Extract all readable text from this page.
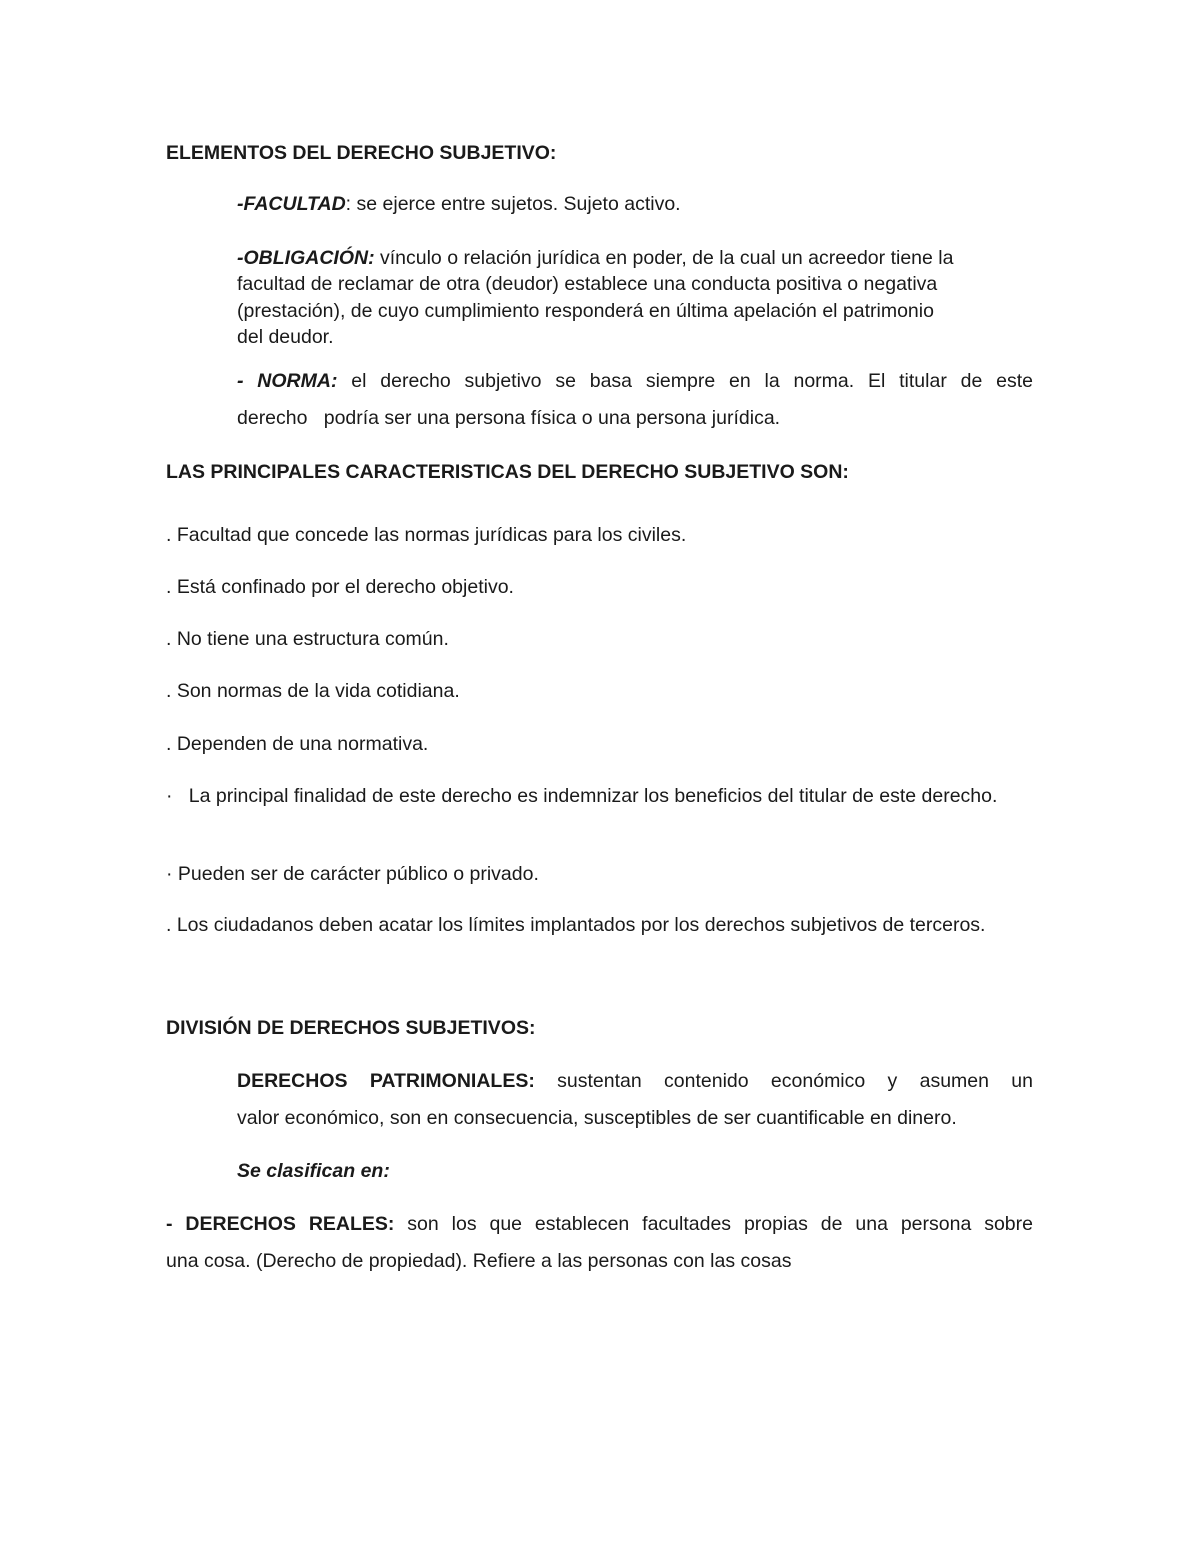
ELEMENTOS DEL DERECHO SUBJETIVO:

-FACULTAD: se ejerce entre sujetos. Sujeto activo.

-OBLIGACIÓN: vínculo o relación jurídica en poder, de la cual un acreedor tiene la

facultad de reclamar de otra (deudor) establece una conducta positiva o negativa

(prestación), de cuyo cumplimiento responderá en última apelación el patrimonio

del deudor.

- NORMA: el derecho subjetivo se basa siempre en la norma. El titular de este

derecho   podría ser una persona física o una persona jurídica.

LAS PRINCIPALES CARACTERISTICAS DEL DERECHO SUBJETIVO SON:

. Facultad que concede las normas jurídicas para los civiles.

. Está confinado por el derecho objetivo.

. No tiene una estructura común.

. Son normas de la vida cotidiana.

. Dependen de una normativa.

·   La principal finalidad de este derecho es indemnizar los beneficios del titular de este derecho.

· Pueden ser de carácter público o privado.

. Los ciudadanos deben acatar los límites implantados por los derechos subjetivos de terceros.

DIVISIÓN DE DERECHOS SUBJETIVOS:

DERECHOS PATRIMONIALES: sustentan contenido económico y asumen un

valor económico, son en consecuencia, susceptibles de ser cuantificable en dinero.

Se clasifican en:

- DERECHOS REALES: son los que establecen facultades propias de una persona sobre

una cosa. (Derecho de propiedad). Refiere a las personas con las cosas
